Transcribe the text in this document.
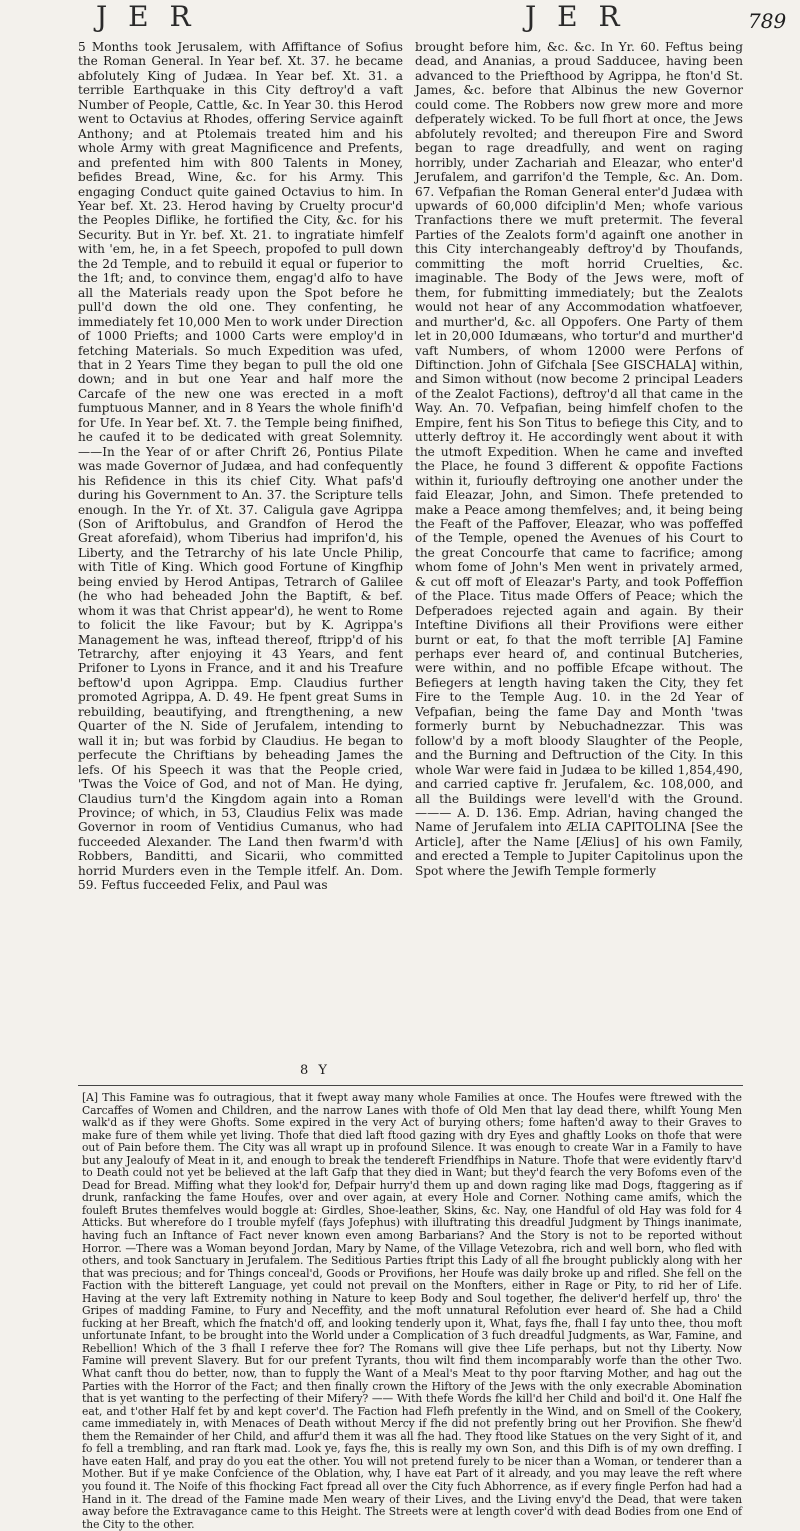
J E R	J E R	789
5 Months took Jerusalem, with Affiftance of Sofius the Roman General. In Year bef. Xt. 37. he became abfolutely King of Judæa. In Year bef. Xt. 31. a terrible Earthquake in this City deftroy'd a vaft Number of People, Cattle, &c. In Year 30. this Herod went to Octavius at Rhodes, offering Service againft Anthony; and at Ptolemais treated him and his whole Army with great Magnificence and Prefents, and prefented him with 800 Talents in Money, befides Bread, Wine, &c. for his Army. This engaging Conduct quite gained Octavius to him. In Year bef. Xt. 23. Herod having by Cruelty procur'd the Peoples Diflike, he fortified the City, &c. for his Security. But in Yr. bef. Xt. 21. to ingratiate himfelf with 'em, he, in a fet Speech, propofed to pull down the 2d Temple, and to rebuild it equal or fuperior to the 1ft; and, to convince them, engag'd alfo to have all the Materials ready upon the Spot before he pull'd down the old one. They confenting, he immediately fet 10,000 Men to work under Direction of 1000 Priefts; and 1000 Carts were employ'd in fetching Materials. So much Expedition was ufed, that in 2 Years Time they began to pull the old one down; and in but one Year and half more the Carcafe of the new one was erected in a moft fumptuous Manner, and in 8 Years the whole finifh'd for Ufe. In Year bef. Xt. 7. the Temple being finifhed, he caufed it to be dedicated with great Solemnity.——In the Year of or after Chrift 26, Pontius Pilate was made Governor of Judæa, and had confequently his Refidence in this its chief City. What pafs'd during his Government to An. 37. the Scripture tells enough. In the Yr. of Xt. 37. Caligula gave Agrippa (Son of Ariftobulus, and Grandfon of Herod the Great aforefaid), whom Tiberius had imprifon'd, his Liberty, and the Tetrarchy of his late Uncle Philip, with Title of King. Which good Fortune of Kingfhip being envied by Herod Antipas, Tetrarch of Galilee (he who had beheaded John the Baptift, & bef. whom it was that Christ appear'd), he went to Rome to folicit the like Favour; but by K. Agrippa's Management he was, inftead thereof, ftripp'd of his Tetrarchy, after enjoying it 43 Years, and fent Prifoner to Lyons in France, and it and his Treafure beftow'd upon Agrippa. Emp. Claudius further promoted Agrippa, A. D. 49. He fpent great Sums in rebuilding, beautifying, and ftrengthening, a new Quarter of the N. Side of Jerufalem, intending to wall it in; but was forbid by Claudius. He began to perfecute the Chriftians by beheading James the lefs. Of his Speech it was that the People cried, 'Twas the Voice of God, and not of Man. He dying, Claudius turn'd the Kingdom again into a Roman Province; of which, in 53, Claudius Felix was made Governor in room of Ventidius Cumanus, who had fucceeded Alexander. The Land then fwarm'd with Robbers, Banditti, and Sicarii, who committed horrid Murders even in the Temple itfelf. An. Dom. 59. Feftus fucceeded Felix, and Paul was
brought before him, &c. &c. In Yr. 60. Feftus being dead, and Ananias, a proud Sadducee, having been advanced to the Priefthood by Agrippa, he fton'd St. James, &c. before that Albinus the new Governor could come. The Robbers now grew more and more defperately wicked. To be full fhort at once, the Jews abfolutely revolted; and thereupon Fire and Sword began to rage dreadfully, and went on raging horribly, under Zachariah and Eleazar, who enter'd Jerufalem, and garrifon'd the Temple, &c. An. Dom. 67. Vefpafian the Roman General enter'd Judæa with upwards of 60,000 difciplin'd Men; whofe various Tranfactions there we muft pretermit. The feveral Parties of the Zealots form'd againft one another in this City interchangeably deftroy'd by Thoufands, committing the moft horrid Cruelties, &c. imaginable. The Body of the Jews were, moft of them, for fubmitting immediately; but the Zealots would not hear of any Accommodation whatfoever, and murther'd, &c. all Oppofers. One Party of them let in 20,000 Idumæans, who tortur'd and murther'd vaft Numbers, of whom 12000 were Perfons of Diftinction. John of Gifchala [See GISCHALA] within, and Simon without (now become 2 principal Leaders of the Zealot Factions), deftroy'd all that came in the Way. An. 70. Vefpafian, being himfelf chofen to the Empire, fent his Son Titus to befiege this City, and to utterly deftroy it. He accordingly went about it with the utmoft Expedition. When he came and invefted the Place, he found 3 different & oppofite Factions within it, furioufly deftroying one another under the faid Eleazar, John, and Simon. Thefe pretended to make a Peace among themfelves; and, it being being the Feaft of the Paffover, Eleazar, who was poffeffed of the Temple, opened the Avenues of his Court to the great Concourfe that came to facrifice; among whom fome of John's Men went in privately armed, & cut off moft of Eleazar's Party, and took Poffeffion of the Place. Titus made Offers of Peace; which the Defperadoes rejected again and again. By their Inteftine Divifions all their Provifions were either burnt or eat, fo that the moft terrible [A] Famine perhaps ever heard of, and continual Butcheries, were within, and no poffible Efcape without. The Befiegers at length having taken the City, they fet Fire to the Temple Aug. 10. in the 2d Year of Vefpafian, being the fame Day and Month 'twas formerly burnt by Nebuchadnezzar. This was follow'd by a moft bloody Slaughter of the People, and the Burning and Deftruction of the City. In this whole War were faid in Judæa to be killed 1,854,490, and carried captive fr. Jerufalem, &c. 108,000, and all the Buildings were levell'd with the Ground. ——— A. D. 136. Emp. Adrian, having changed the Name of Jerufalem into ÆLIA CAPITOLINA [See the Article], after the Name [Ælius] of his own Family, and erected a Temple to Jupiter Capitolinus upon the Spot where the Jewifh Temple formerly
8 Y
[A] This Famine was fo outragious, that it fwept away many whole Families at once. The Houfes were ftrewed with the Carcaffes of Women and Children, and the narrow Lanes with thofe of Old Men that lay dead there, whilft Young Men walk'd as if they were Ghofts. Some expired in the very Act of burying others; fome haften'd away to their Graves to make fure of them while yet living. Thofe that died laft ftood gazing with dry Eyes and ghaftly Looks on thofe that were out of Pain before them. The City was all wrapt up in profound Silence. It was enough to create War in a Family to have but any Jealoufy of Meat in it, and enough to break the tendereft Friendfhips in Nature. Thofe that were evidently ftarv'd to Death could not yet be believed at the laft Gafp that they died in Want; but they'd fearch the very Bofoms even of the Dead for Bread. Miffing what they look'd for, Defpair hurry'd them up and down raging like mad Dogs, ftaggering as if drunk, ranfacking the fame Houfes, over and over again, at every Hole and Corner. Nothing came amifs, which the fouleft Brutes themfelves would boggle at: Girdles, Shoe-leather, Skins, &c. Nay, one Handful of old Hay was fold for 4 Atticks. But wherefore do I trouble myfelf (fays Jofephus) with illuftrating this dreadful Judgment by Things inanimate, having fuch an Inftance of Fact never known even among Barbarians? And the Story is not to be reported without Horror. —There was a Woman beyond Jordan, Mary by Name, of the Village Vetezobra, rich and well born, who fled with others, and took Sanctuary in Jerufalem. The Seditious Parties ftript this Lady of all fhe brought publickly along with her that was precious; and for Things conceal'd, Goods or Provifions, her Houfe was daily broke up and rifled. She fell on the Faction with the bittereft Language, yet could not prevail on the Monfters, either in Rage or Pity, to rid her of Life. Having at the very laft Extremity nothing in Nature to keep Body and Soul together, fhe deliver'd herfelf up, thro' the Gripes of madding Famine, to Fury and Neceffity, and the moft unnatural Refolution ever heard of. She had a Child fucking at her Breaft, which fhe fnatch'd off, and looking tenderly upon it, What, fays fhe, fhall I fay unto thee, thou moft unfortunate Infant, to be brought into the World under a Complication of 3 fuch dreadful Judgments, as War, Famine, and Rebellion! Which of the 3 fhall I referve thee for? The Romans will give thee Life perhaps, but not thy Liberty. Now Famine will prevent Slavery. But for our prefent Tyrants, thou wilt find them incomparably worfe than the other Two. What canft thou do better, now, than to fupply the Want of a Meal's Meat to thy poor ftarving Mother, and hag out the Parties with the Horror of the Fact; and then finally crown the Hiftory of the Jews with the only execrable Abomination that is yet wanting to the perfecting of their Mifery? —— With thefe Words fhe kill'd her Child and boil'd it. One Half fhe eat, and t'other Half fet by and kept cover'd. The Faction had Flefh prefently in the Wind, and on Smell of the Cookery, came immediately in, with Menaces of Death without Mercy if fhe did not prefently bring out her Provifion. She fhew'd them the Remainder of her Child, and affur'd them it was all fhe had. They ftood like Statues on the very Sight of it, and fo fell a trembling, and ran ftark mad. Look ye, fays fhe, this is really my own Son, and this Difh is of my own dreffing. I have eaten Half, and pray do you eat the other. You will not pretend furely to be nicer than a Woman, or tenderer than a Mother. But if ye make Confcience of the Oblation, why, I have eat Part of it already, and you may leave the reft where you found it. The Noife of this fhocking Fact fpread all over the City fuch Abhorrence, as if every fingle Perfon had had a Hand in it. The dread of the Famine made Men weary of their Lives, and the Living envy'd the Dead, that were taken away before the Extravagance came to this Height. The Streets were at length cover'd with dead Bodies from one End of the City to the other.
